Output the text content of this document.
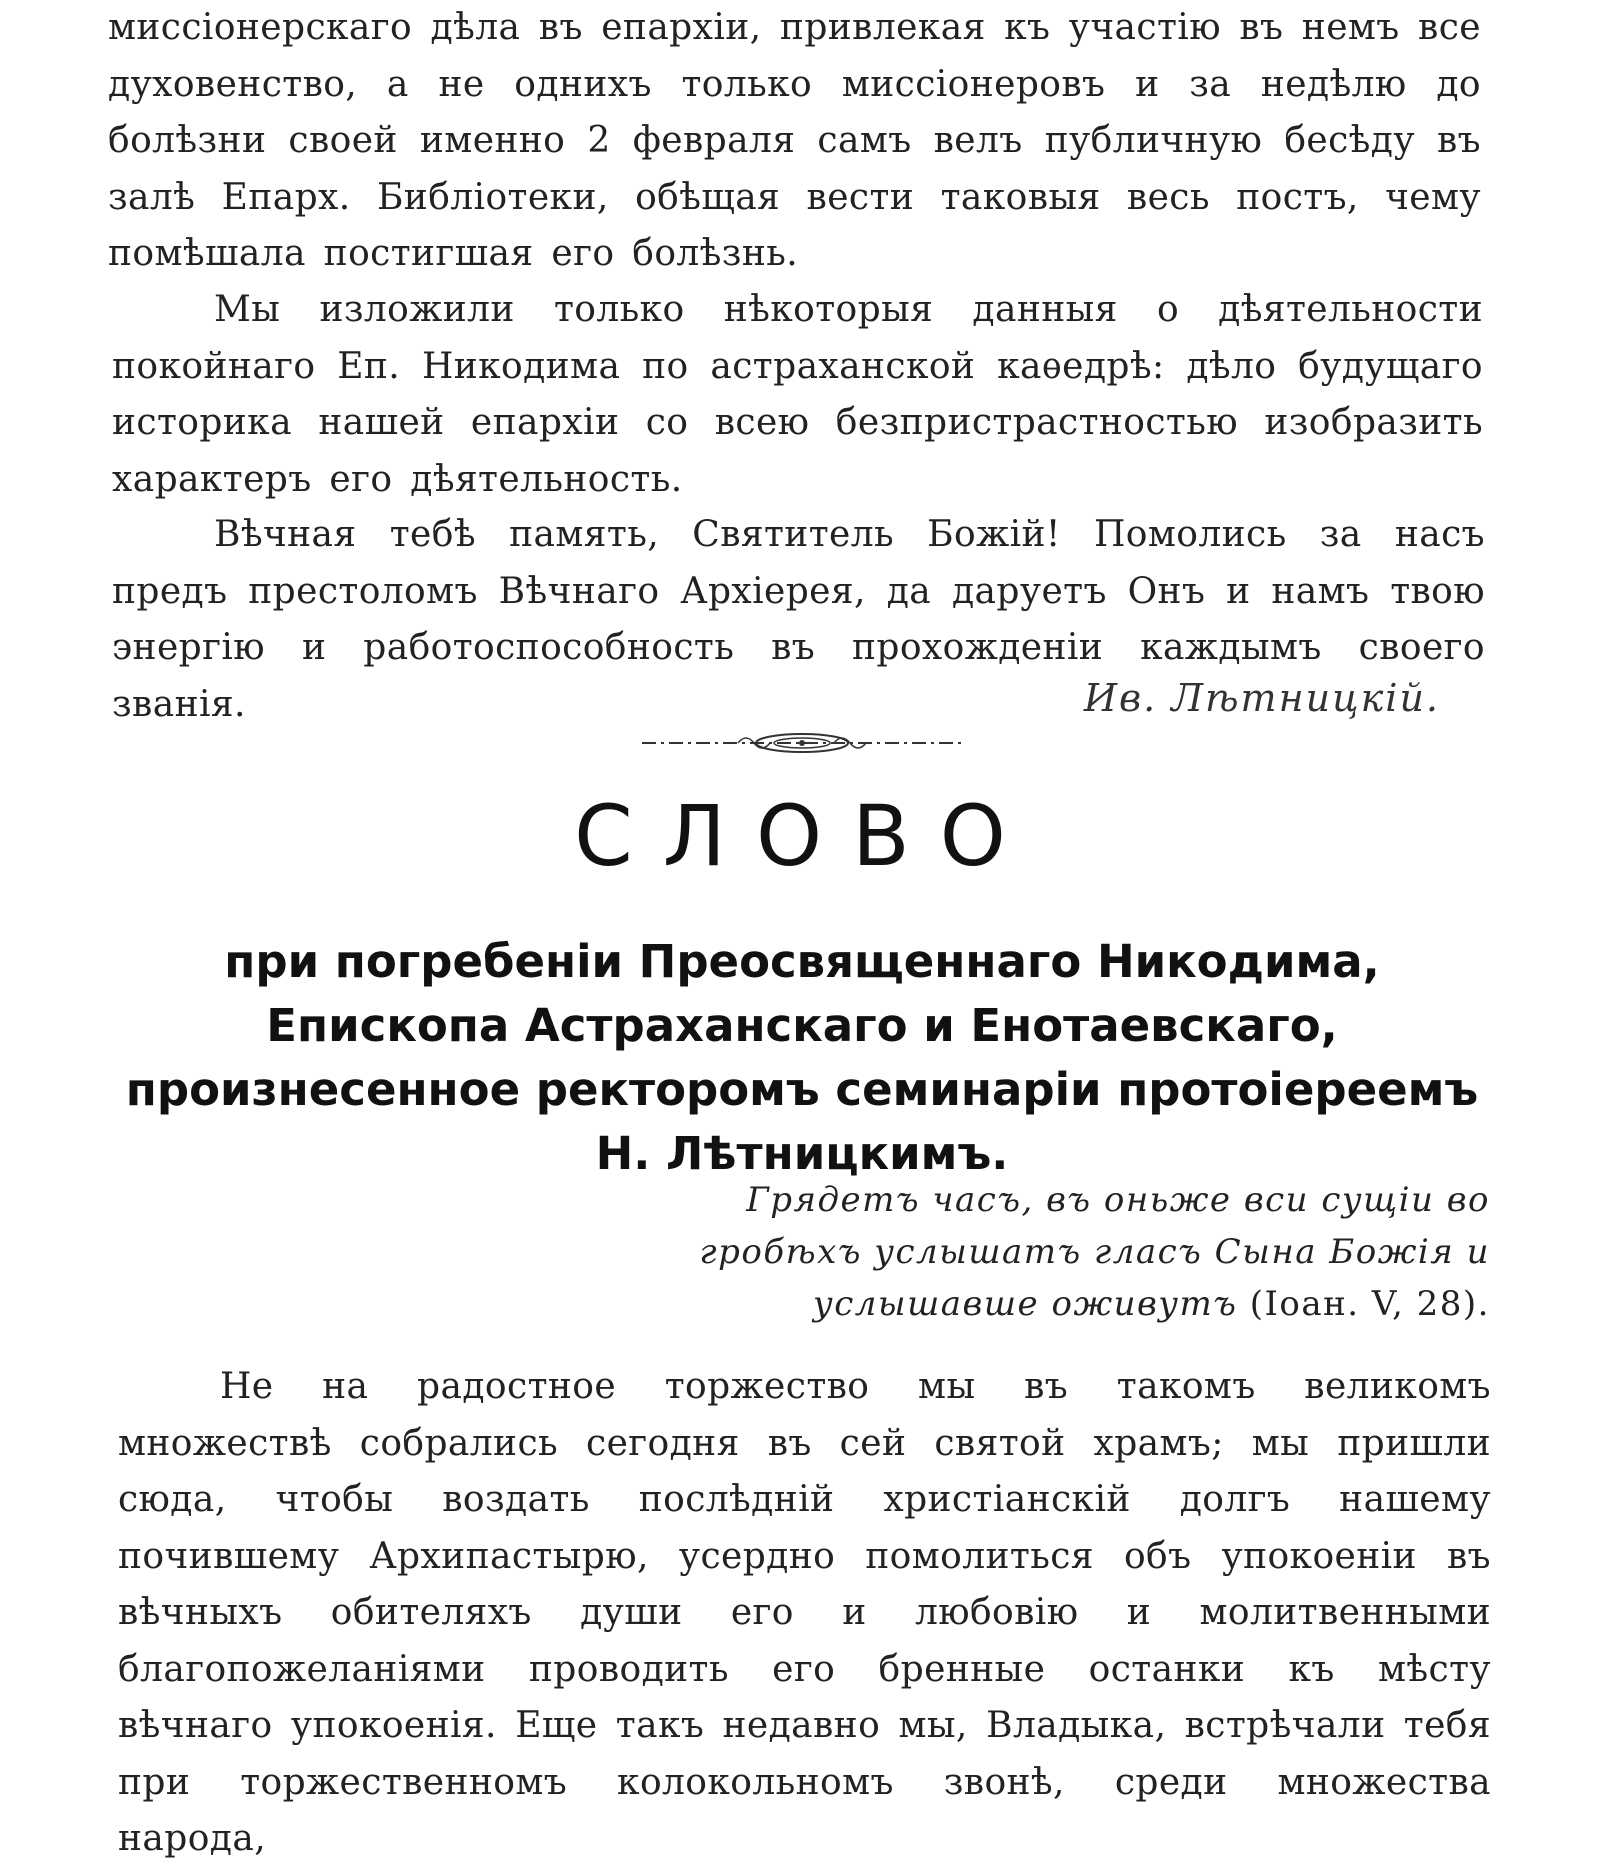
миссіонерскаго дѣла въ епархіи, привлекая къ участію въ немъ все духовенство, а не однихъ только миссіонеровъ и за недѣлю до болѣзни своей именно 2 февраля самъ велъ публичную бесѣду въ залѣ Епарх. Библіотеки, обѣщая вести таковыя весь постъ, чему помѣшала постигшая его болѣзнь.
Мы изложили только нѣкоторыя данныя о дѣятельности покойнаго Еп. Никодима по астраханской каѳедрѣ: дѣло будущаго историка нашей епархіи со всею безпристрастностью изобразить характеръ его дѣятельность.
Вѣчная тебѣ память, Святитель Божій! Помолись за насъ предъ престоломъ Вѣчнаго Архіерея, да даруетъ Онъ и намъ твою энергію и работоспособность въ прохожденіи каждымъ своего званія.	Ив. Лѣтницкій.
СЛОВО
при погребеніи Преосвященнаго Никодима, Епископа Астраханскаго и Енотаевскаго, произнесенное ректоромъ семинаріи протоіереемъ Н. Лѣтницкимъ.
Грядетъ часъ, въ оньже вси сущіи во гробѣхъ услышатъ гласъ Сына Божія и услышавше оживутъ (Іоан. V, 28).
Не на радостное торжество мы въ такомъ великомъ множествѣ собрались сегодня въ сей святой храмъ; мы пришли сюда, чтобы воздать послѣдній христіанскій долгъ нашему почившему Архипастырю, усердно помолиться объ упокоеніи въ вѣчныхъ обителяхъ души его и любовію и молитвенными благопожеланіями проводить его бренные останки къ мѣсту вѣчнаго упокоенія. Еще такъ недавно мы, Владыка, встрѣчали тебя при торжественномъ колокольномъ звонѣ, среди множества народа,
